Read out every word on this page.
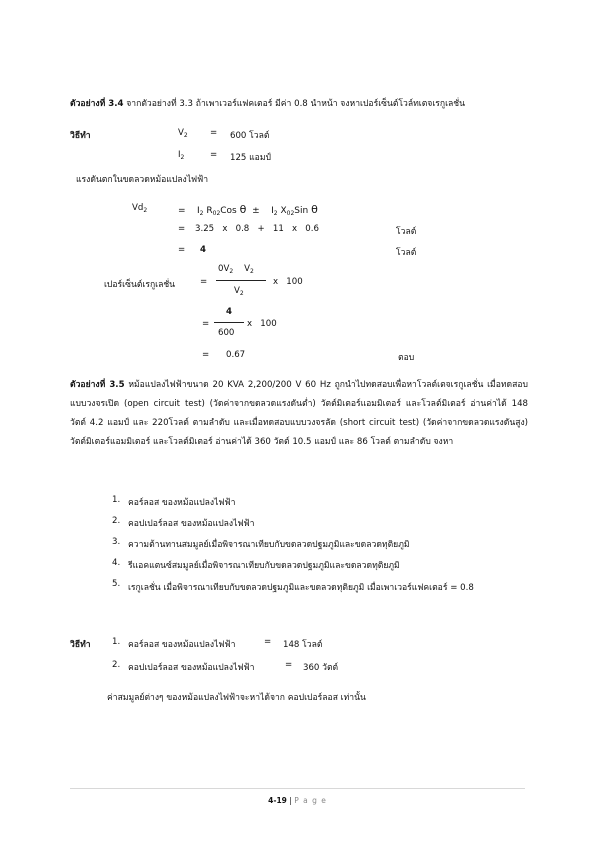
ตัวอย่างที่ 3.4 จากตัวอย่างที่ 3.3 ถ้าเพาเวอร์แฟคเตอร์ มีค่า 0.8 นำหน้า จงหาเปอร์เซ็นต์โวล์ทเตจเรกูเลชั่น
วิธีทำ	$V_2$	= 600 โวลต์
$I_2$	= 125 แอมป์
แรงดันตกในขดลวดหม้อแปลงไฟฟ้า
$Vd_2$	= $I_2$ $R_{02}Cos$ $\theta \pm I_2$ $X_{02}Sin$ θ
= 3.25   x   0.8   +   11   x   0.6	โวลต์
= 4	โวลต์
เปอร์เซ็นต์เรกูเลชั่น	=
$0V_2$ $V_2$
$V_2$
x   100
=
4
600
x   100
= 0.67	ตอบ
ตัวอย่างที่ 3.5 หม้อแปลงไฟฟ้าขนาด 20 KVA 2,200/200 V 60 Hz ถูกนำไปทดสอบเพื่อหาโวลต์เตจเรกูเลชั่น เมื่อทดสอบแบบวงจรเปิด (open circuit test) (วัดค่าจากขดลวดแรงดันต่ำ) วัตต์มิเตอร์แอมมิเตอร์ และโวลต์มิเตอร์ อ่านค่าได้ 148 วัตต์ 4.2 แอมป์ และ 220โวลต์ ตามลำดับ และเมื่อทดสอบแบบวงจรลัด (short circuit test) (วัดค่าจากขดลวดแรงดันสูง) วัตต์มิเตอร์แอมมิเตอร์ และโวลต์มิเตอร์ อ่านค่าได้ 360 วัตต์ 10.5 แอมป์ และ 86 โวลต์ ตามลำดับ จงหา
1. คอร์ลอส ของหม้อแปลงไฟฟ้า
2. คอปเปอร์ลอส ของหม้อแปลงไฟฟ้า
3. ความต้านทานสมมูลย์เมื่อพิจารณาเทียบกับขดลวดปฐมภูมิและขดลวดทุติยภูมิ
4. รีแอคแตนซ์สมมูลย์เมื่อพิจารณาเทียบกับขดลวดปฐมภูมิและขดลวดทุติยภูมิ
5. เรกูเลชั่น เมื่อพิจารณาเทียบกับขดลวดปฐมภูมิและขดลวดทุติยภูมิ เมื่อเพาเวอร์แฟคเตอร์ = 0.8
วิธีทำ 1. คอร์ลอส ของหม้อแปลงไฟฟ้า	= 148 โวลต์
2. คอปเปอร์ลอส ของหม้อแปลงไฟฟ้า	= 360 วัตต์
ค่าสมมูลย์ต่างๆ ของหม้อแปลงไฟฟ้าจะหาได้จาก คอปเปอร์ลอส เท่านั้น
4-19 | P a g e
